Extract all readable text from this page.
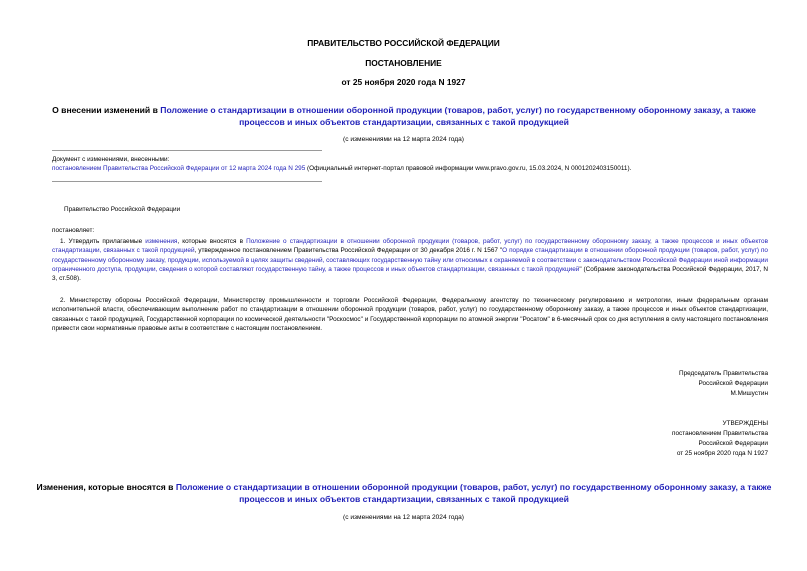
ПРАВИТЕЛЬСТВО РОССИЙСКОЙ ФЕДЕРАЦИИ
ПОСТАНОВЛЕНИЕ
от 25 ноября 2020 года N 1927
О внесении изменений в Положение о стандартизации в отношении оборонной продукции (товаров, работ, услуг) по государственному оборонному заказу, а также процессов и иных объектов стандартизации, связанных с такой продукцией
(с изменениями на 12 марта 2024 года)
Документ с изменениями, внесенными:
постановлением Правительства Российской Федерации от 12 марта 2024 года N 295 (Официальный интернет-портал правовой информации www.pravo.gov.ru, 15.03.2024, N 0001202403150011).
Правительство Российской Федерации
постановляет:
1. Утвердить прилагаемые изменения, которые вносятся в Положение о стандартизации в отношении оборонной продукции (товаров, работ, услуг) по государственному оборонному заказу, а также процессов и иных объектов стандартизации, связанных с такой продукцией, утвержденное постановлением Правительства Российской Федерации от 30 декабря 2016 г. N 1567 "О порядке стандартизации в отношении оборонной продукции (товаров, работ, услуг) по государственному оборонному заказу, продукции, используемой в целях защиты сведений, составляющих государственную тайну или относимых к охраняемой в соответствии с законодательством Российской Федерации иной информации ограниченного доступа, продукции, сведения о которой составляют государственную тайну, а также процессов и иных объектов стандартизации, связанных с такой продукцией" (Собрание законодательства Российской Федерации, 2017, N 3, ст.508).
2. Министерству обороны Российской Федерации, Министерству промышленности и торговли Российской Федерации, Федеральному агентству по техническому регулированию и метрологии, иным федеральным органам исполнительной власти, обеспечивающим выполнение работ по стандартизации в отношении оборонной продукции (товаров, работ, услуг) по государственному оборонному заказу, а также процессов и иных объектов стандартизации, связанных с такой продукцией, Государственной корпорации по космической деятельности "Роскосмос" и Государственной корпорации по атомной энергии "Росатом" в 6-месячный срок со дня вступления в силу настоящего постановления привести свои нормативные правовые акты в соответствие с настоящим постановлением.
Председатель Правительства
Российской Федерации
М.Мишустин
УТВЕРЖДЕНЫ
постановлением Правительства
Российской Федерации
от 25 ноября 2020 года N 1927
Изменения, которые вносятся в Положение о стандартизации в отношении оборонной продукции (товаров, работ, услуг) по государственному оборонному заказу, а также процессов и иных объектов стандартизации, связанных с такой продукцией
(с изменениями на 12 марта 2024 года)
